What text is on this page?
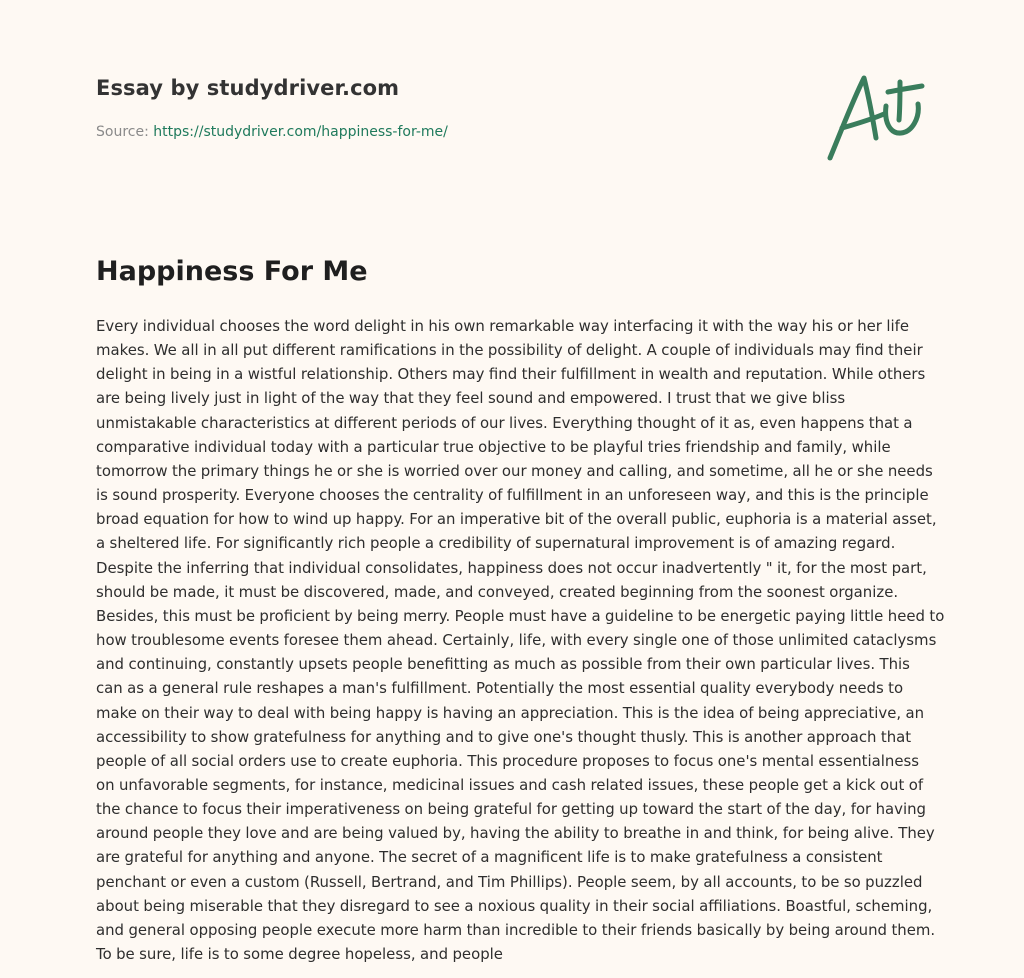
Essay by studydriver.com
Source: https://studydriver.com/happiness-for-me/
Happiness For Me
Every individual chooses the word delight in his own remarkable way interfacing it with the way his or her life
makes. We all in all put different ramifications in the possibility of delight. A couple of individuals may find their
delight in being in a wistful relationship. Others may find their fulfillment in wealth and reputation. While others
are being lively just in light of the way that they feel sound and empowered. I trust that we give bliss
unmistakable characteristics at different periods of our lives. Everything thought of it as, even happens that a
comparative individual today with a particular true objective to be playful tries friendship and family, while
tomorrow the primary things he or she is worried over our money and calling, and sometime, all he or she needs
is sound prosperity. Everyone chooses the centrality of fulfillment in an unforeseen way, and this is the principle
broad equation for how to wind up happy. For an imperative bit of the overall public, euphoria is a material asset,
a sheltered life. For significantly rich people a credibility of supernatural improvement is of amazing regard.
Despite the inferring that individual consolidates, happiness does not occur inadvertently " it, for the most part,
should be made, it must be discovered, made, and conveyed, created beginning from the soonest organize.
Besides, this must be proficient by being merry. People must have a guideline to be energetic paying little heed to
how troublesome events foresee them ahead. Certainly, life, with every single one of those unlimited cataclysms
and continuing, constantly upsets people benefitting as much as possible from their own particular lives. This
can as a general rule reshapes a man's fulfillment. Potentially the most essential quality everybody needs to
make on their way to deal with being happy is having an appreciation. This is the idea of being appreciative, an
accessibility to show gratefulness for anything and to give one's thought thusly. This is another approach that
people of all social orders use to create euphoria. This procedure proposes to focus one's mental essentialness
on unfavorable segments, for instance, medicinal issues and cash related issues, these people get a kick out of
the chance to focus their imperativeness on being grateful for getting up toward the start of the day, for having
around people they love and are being valued by, having the ability to breathe in and think, for being alive. They
are grateful for anything and anyone. The secret of a magnificent life is to make gratefulness a consistent
penchant or even a custom (Russell, Bertrand, and Tim Phillips). People seem, by all accounts, to be so puzzled
about being miserable that they disregard to see a noxious quality in their social affiliations. Boastful, scheming,
and general opposing people execute more harm than incredible to their friends basically by being around them.
To be sure, life is to some degree hopeless, and people
